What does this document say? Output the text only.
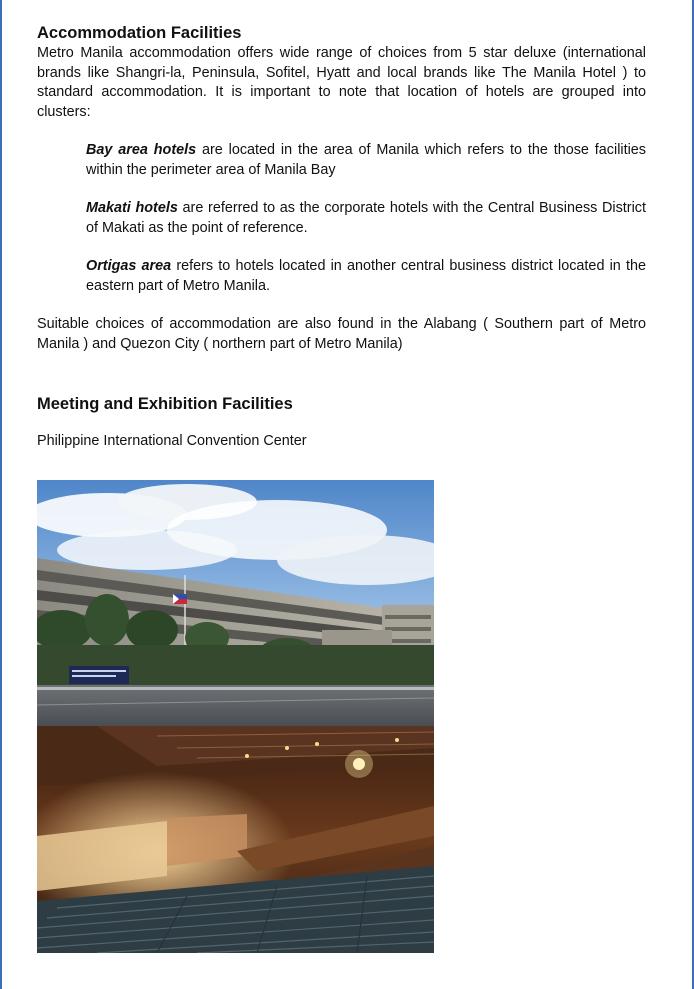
Accommodation Facilities

Metro Manila accommodation offers wide range of choices from 5 star deluxe (international brands like Shangri-la, Peninsula, Sofitel, Hyatt and local brands like The Manila Hotel ) to standard accommodation. It is important to note that location of hotels are grouped into clusters:

Bay area hotels are located in the area of Manila which refers to the those facilities within the perimeter area of Manila Bay

Makati hotels are referred to as the corporate hotels with the Central Business District of Makati as the point of reference.

Ortigas area refers to hotels located in another central business district located in the eastern part of Metro Manila.

Suitable choices of accommodation are also found in the Alabang ( Southern part of Metro Manila ) and Quezon City ( northern part of Metro Manila)

Meeting and Exhibition Facilities

Philippine International Convention Center
